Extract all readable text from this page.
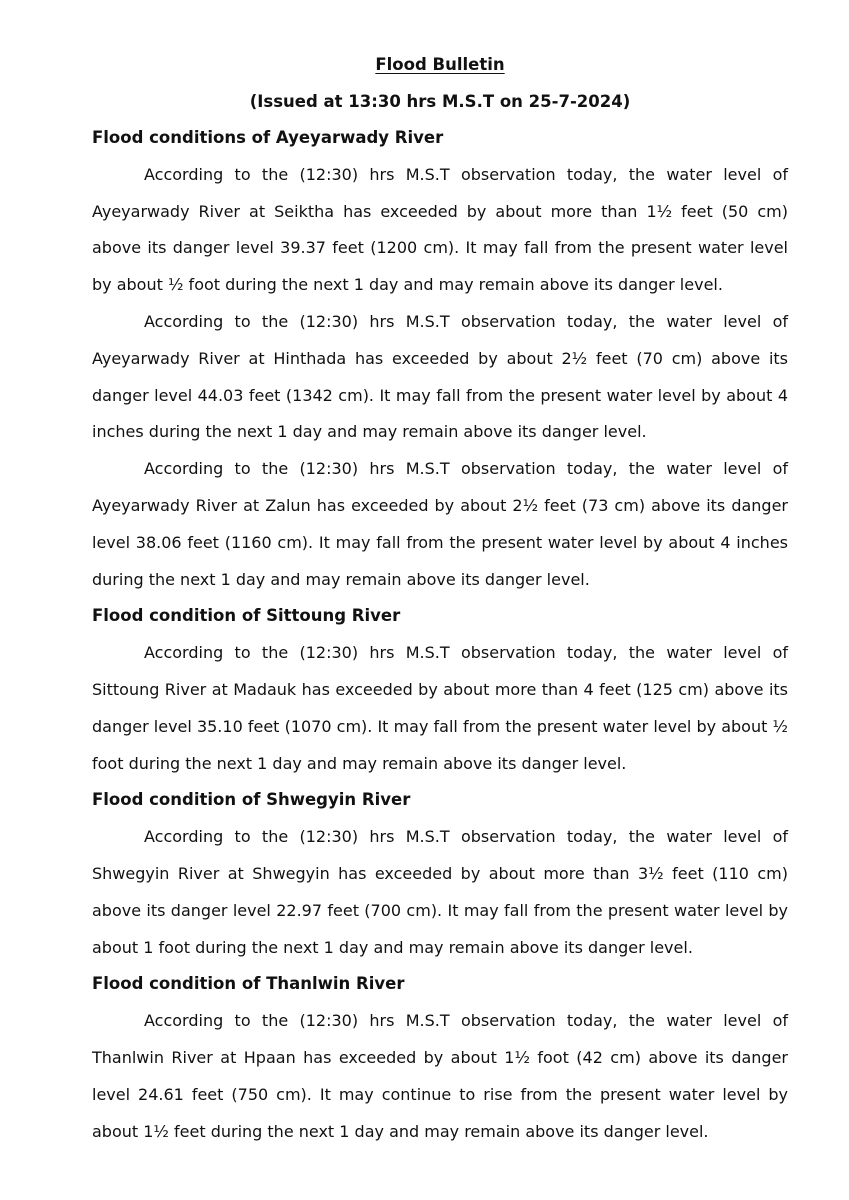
Flood Bulletin
(Issued at 13:30 hrs M.S.T on 25-7-2024)

Flood conditions of Ayeyarwady River

According to the (12:30) hrs M.S.T observation today, the water level of Ayeyarwady River at Seiktha has exceeded by about more than 1½ feet (50 cm) above its danger level 39.37 feet (1200 cm). It may fall from the present water level by about ½ foot during the next 1 day and may remain above its danger level.

According to the (12:30) hrs M.S.T observation today, the water level of Ayeyarwady River at Hinthada has exceeded by about 2½ feet (70 cm) above its danger level 44.03 feet (1342 cm). It may fall from the present water level by about 4 inches during the next 1 day and may remain above its danger level.

According to the (12:30) hrs M.S.T observation today, the water level of Ayeyarwady River at Zalun has exceeded by about 2½ feet (73 cm) above its danger level 38.06 feet (1160 cm). It may fall from the present water level by about 4 inches during the next 1 day and may remain above its danger level.

Flood condition of Sittoung River

According to the (12:30) hrs M.S.T observation today, the water level of Sittoung River at Madauk has exceeded by about more than 4 feet (125 cm) above its danger level 35.10 feet (1070 cm). It may fall from the present water level by about ½ foot during the next 1 day and may remain above its danger level.

Flood condition of Shwegyin River

According to the (12:30) hrs M.S.T observation today, the water level of Shwegyin River at Shwegyin has exceeded by about more than 3½ feet (110 cm) above its danger level 22.97 feet (700 cm). It may fall from the present water level by about 1 foot during the next 1 day and may remain above its danger level.

Flood condition of Thanlwin River

According to the (12:30) hrs M.S.T observation today, the water level of Thanlwin River at Hpaan has exceeded by about 1½ foot (42 cm) above its danger level 24.61 feet (750 cm). It may continue to rise from the present water level by about 1½ feet during the next 1 day and may remain above its danger level.
